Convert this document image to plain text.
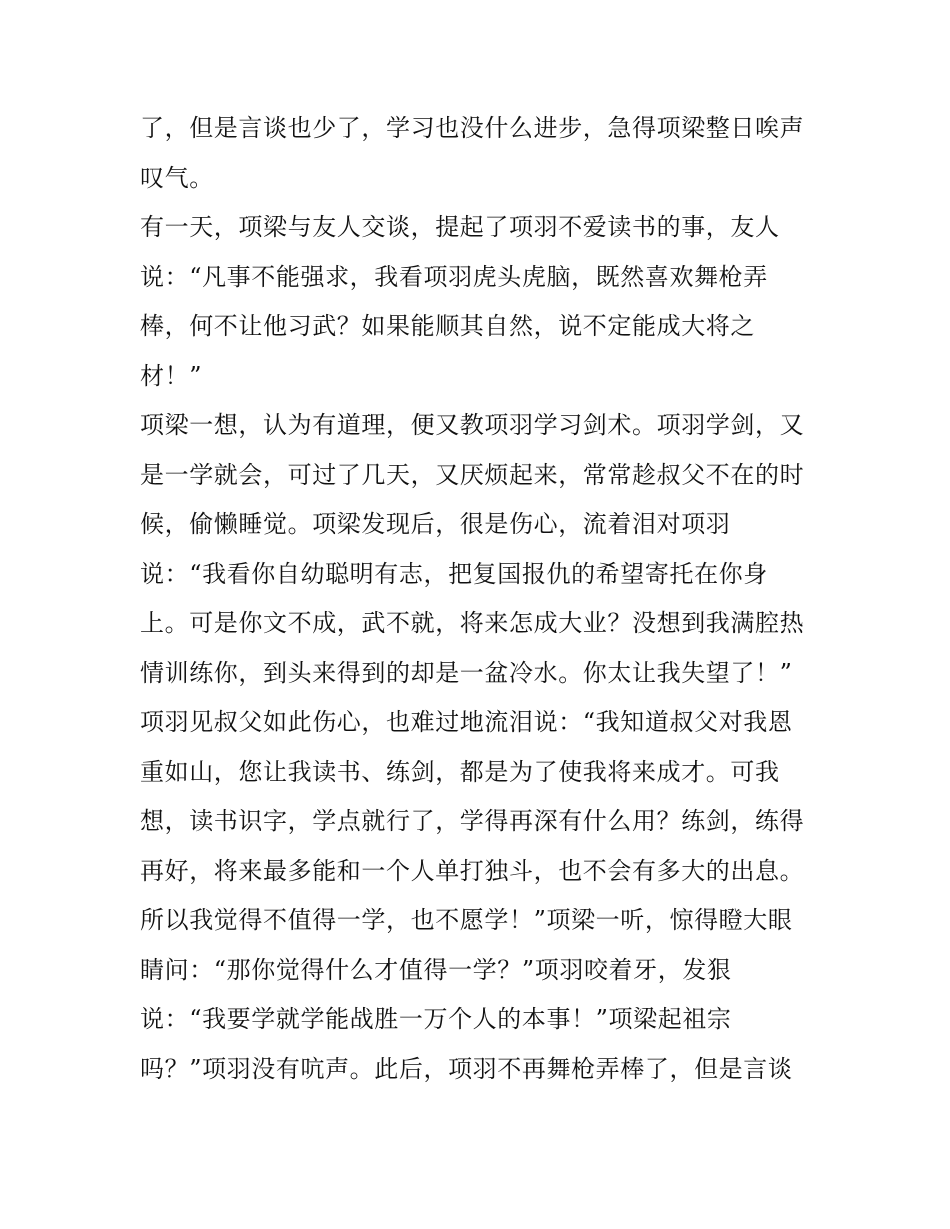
了，但是言谈也少了，学习也没什么进步，急得项梁整日唉声
叹气。
有一天，项梁与友人交谈，提起了项羽不爱读书的事，友人
说：“凡事不能强求，我看项羽虎头虎脑，既然喜欢舞枪弄
棒，何不让他习武？如果能顺其自然，说不定能成大将之
材！”
项梁一想，认为有道理，便又教项羽学习剑术。项羽学剑，又
是一学就会，可过了几天，又厌烦起来，常常趁叔父不在的时
候，偷懒睡觉。项梁发现后，很是伤心，流着泪对项羽
说：“我看你自幼聪明有志，把复国报仇的希望寄托在你身
上。可是你文不成，武不就，将来怎成大业？没想到我满腔热
情训练你，到头来得到的却是一盆冷水。你太让我失望了！”
项羽见叔父如此伤心，也难过地流泪说：“我知道叔父对我恩
重如山，您让我读书、练剑，都是为了使我将来成才。可我
想，读书识字，学点就行了，学得再深有什么用？练剑，练得
再好，将来最多能和一个人单打独斗，也不会有多大的出息。
所以我觉得不值得一学，也不愿学！”项梁一听，惊得瞪大眼
睛问：“那你觉得什么才值得一学？”项羽咬着牙，发狠
说：“我要学就学能战胜一万个人的本事！”项梁起祖宗
吗？”项羽没有吭声。此后，项羽不再舞枪弄棒了，但是言谈
